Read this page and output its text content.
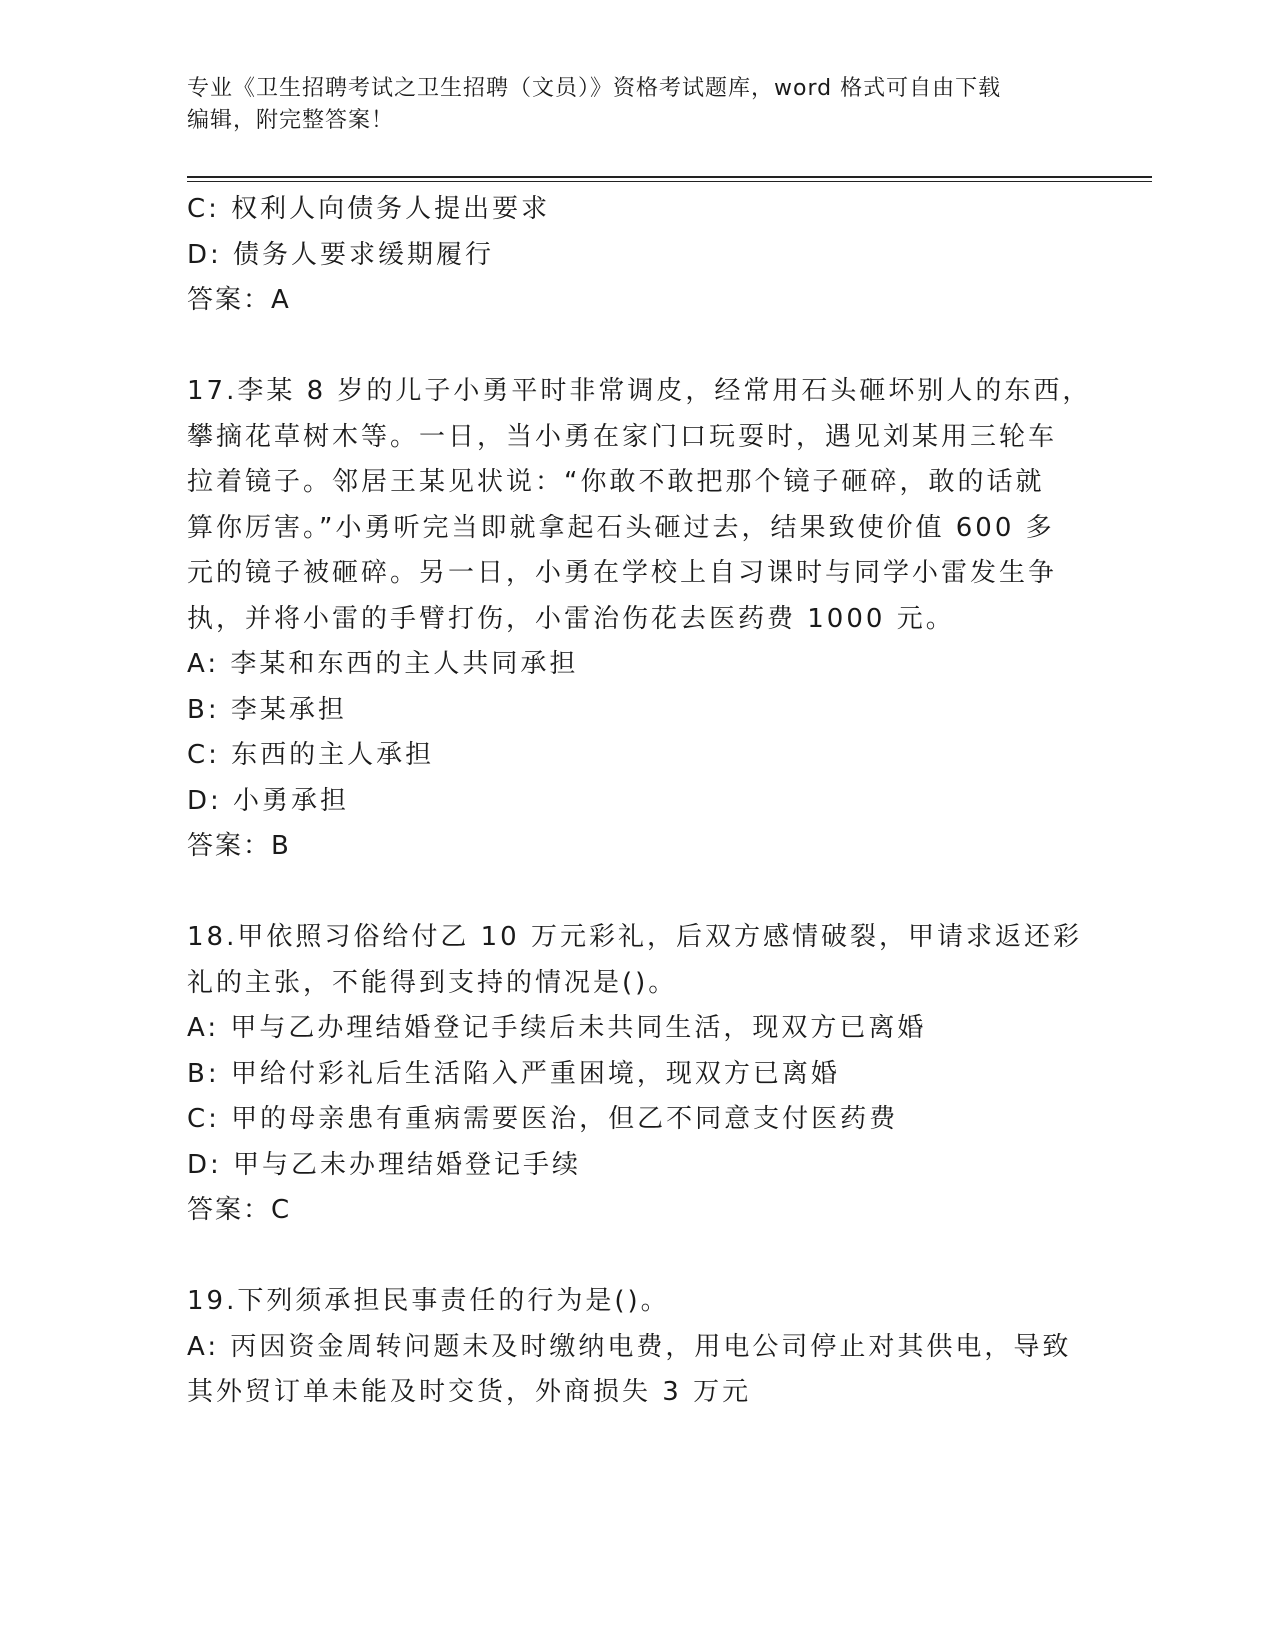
专业《卫生招聘考试之卫生招聘（文员）》资格考试题库，word 格式可自由下载
编辑，附完整答案！
C: 权利人向债务人提出要求
D: 债务人要求缓期履行
答案：A
17.李某 8 岁的儿子小勇平时非常调皮，经常用石头砸坏别人的东西，
攀摘花草树木等。一日，当小勇在家门口玩耍时，遇见刘某用三轮车
拉着镜子。邻居王某见状说：“你敢不敢把那个镜子砸碎，敢的话就
算你厉害。”小勇听完当即就拿起石头砸过去，结果致使价值 600 多
元的镜子被砸碎。另一日，小勇在学校上自习课时与同学小雷发生争
执，并将小雷的手臂打伤，小雷治伤花去医药费 1000 元。
A: 李某和东西的主人共同承担
B: 李某承担
C: 东西的主人承担
D: 小勇承担
答案：B
18.甲依照习俗给付乙 10 万元彩礼，后双方感情破裂，甲请求返还彩
礼的主张，不能得到支持的情况是()。
A: 甲与乙办理结婚登记手续后未共同生活，现双方已离婚
B: 甲给付彩礼后生活陷入严重困境，现双方已离婚
C: 甲的母亲患有重病需要医治，但乙不同意支付医药费
D: 甲与乙未办理结婚登记手续
答案：C
19.下列须承担民事责任的行为是()。
A: 丙因资金周转问题未及时缴纳电费，用电公司停止对其供电，导致
其外贸订单未能及时交货，外商损失 3 万元
